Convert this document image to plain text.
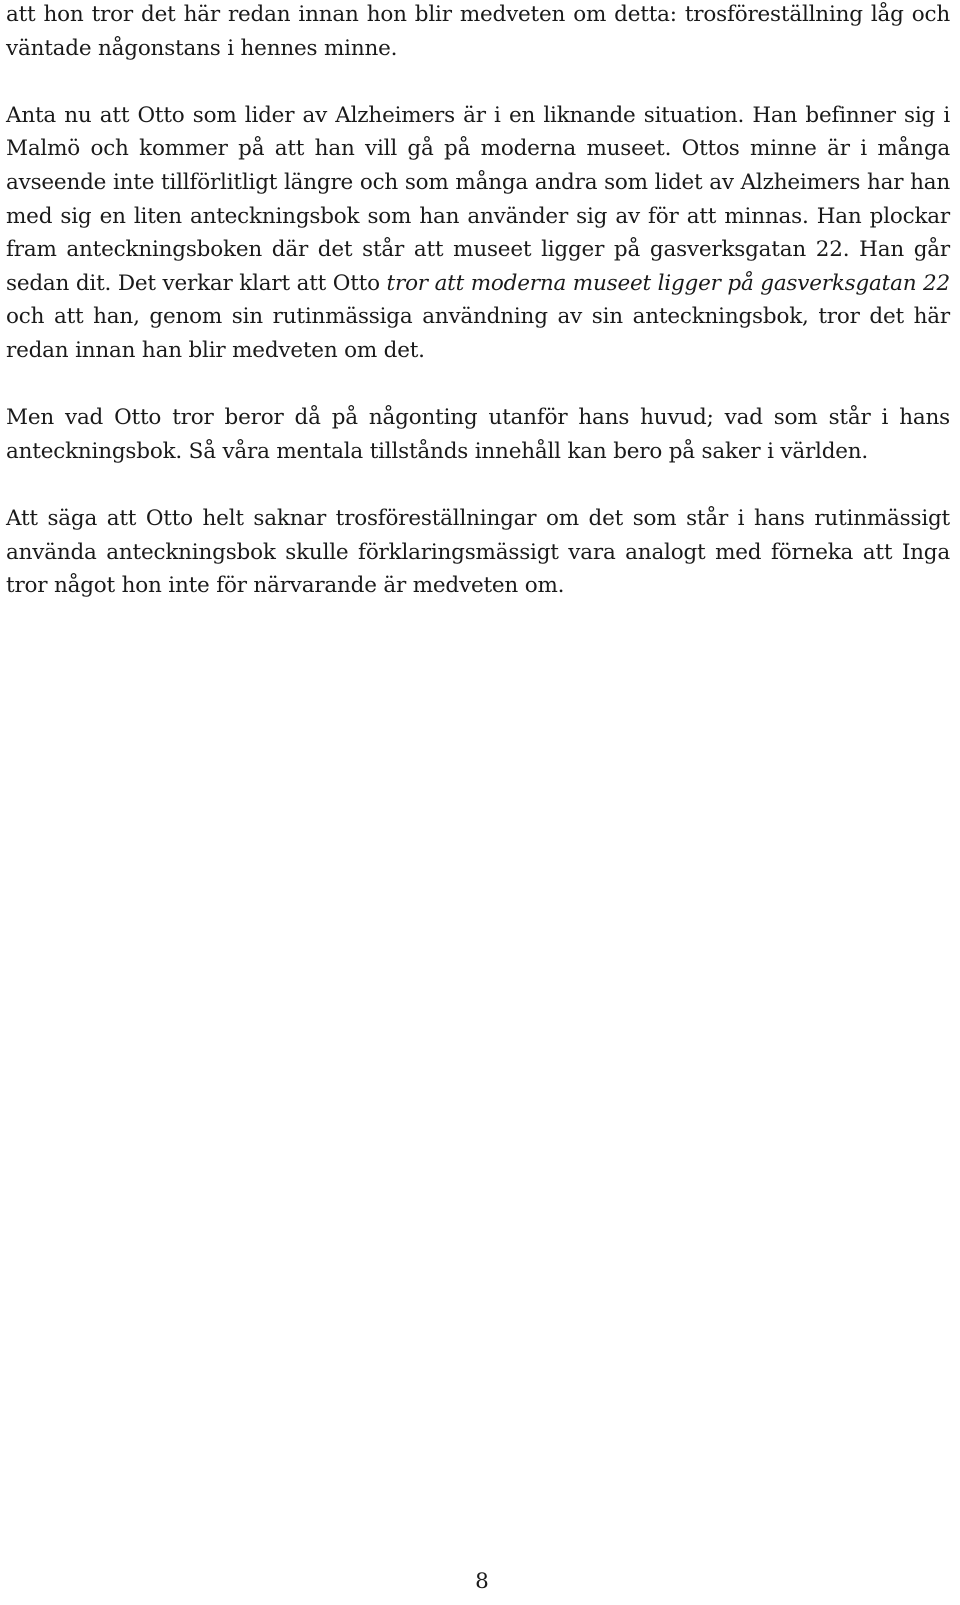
att hon tror det här redan innan hon blir medveten om detta: trosföreställning låg och väntade någonstans i hennes minne.

Anta nu att Otto som lider av Alzheimers är i en liknande situation. Han befinner sig i Malmö och kommer på att han vill gå på moderna museet. Ottos minne är i många avseende inte tillförlitligt längre och som många andra som lidet av Alzheimers har han med sig en liten anteckningsbok som han använder sig av för att minnas. Han plockar fram anteckningsboken där det står att museet ligger på gasverksgatan 22. Han går sedan dit. Det verkar klart att Otto tror att moderna museet ligger på gasverksgatan 22 och att han, genom sin rutinmässiga användning av sin anteckningsbok, tror det här redan innan han blir medveten om det.

Men vad Otto tror beror då på någonting utanför hans huvud; vad som står i hans anteckningsbok. Så våra mentala tillstånds innehåll kan bero på saker i världen.

Att säga att Otto helt saknar trosföreställningar om det som står i hans rutinmässigt använda anteckningsbok skulle förklaringsmässigt vara analogt med förneka att Inga tror något hon inte för närvarande är medveten om.

8
